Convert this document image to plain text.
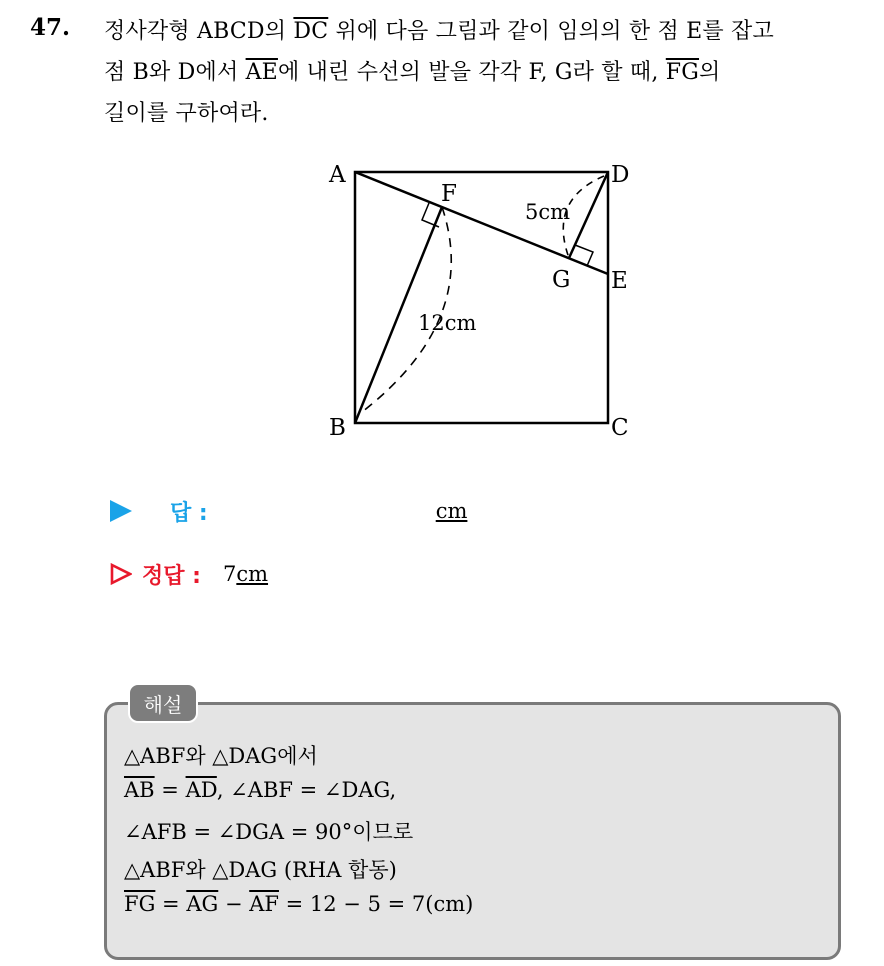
47. 정사각형 ABCD의 $\overline{DC}$ 위에 다음 그림과 같이 임의의 한 점 E를 잡고
점 B와 D에서 $\overline{AE}$에 내린 수선의 발을 각각 F, G라 할 때, $\overline{FG}$의
길이를 구하여라.
A
B	C
D
E
F
G
5cm
12cm
답 :	cm
정답 : 7 cm
해설
△ABF와 △DAG에서
$\overline{AB} = \overline{AD}$, ∠ABF = ∠DAG,
∠AFB = ∠DGA = 90°이므로
△ABF와 △DAG (RHA 합동)
$\overline{FG} = \overline{AG} - \overline{AF} = 12 - 5 = 7(cm)$
